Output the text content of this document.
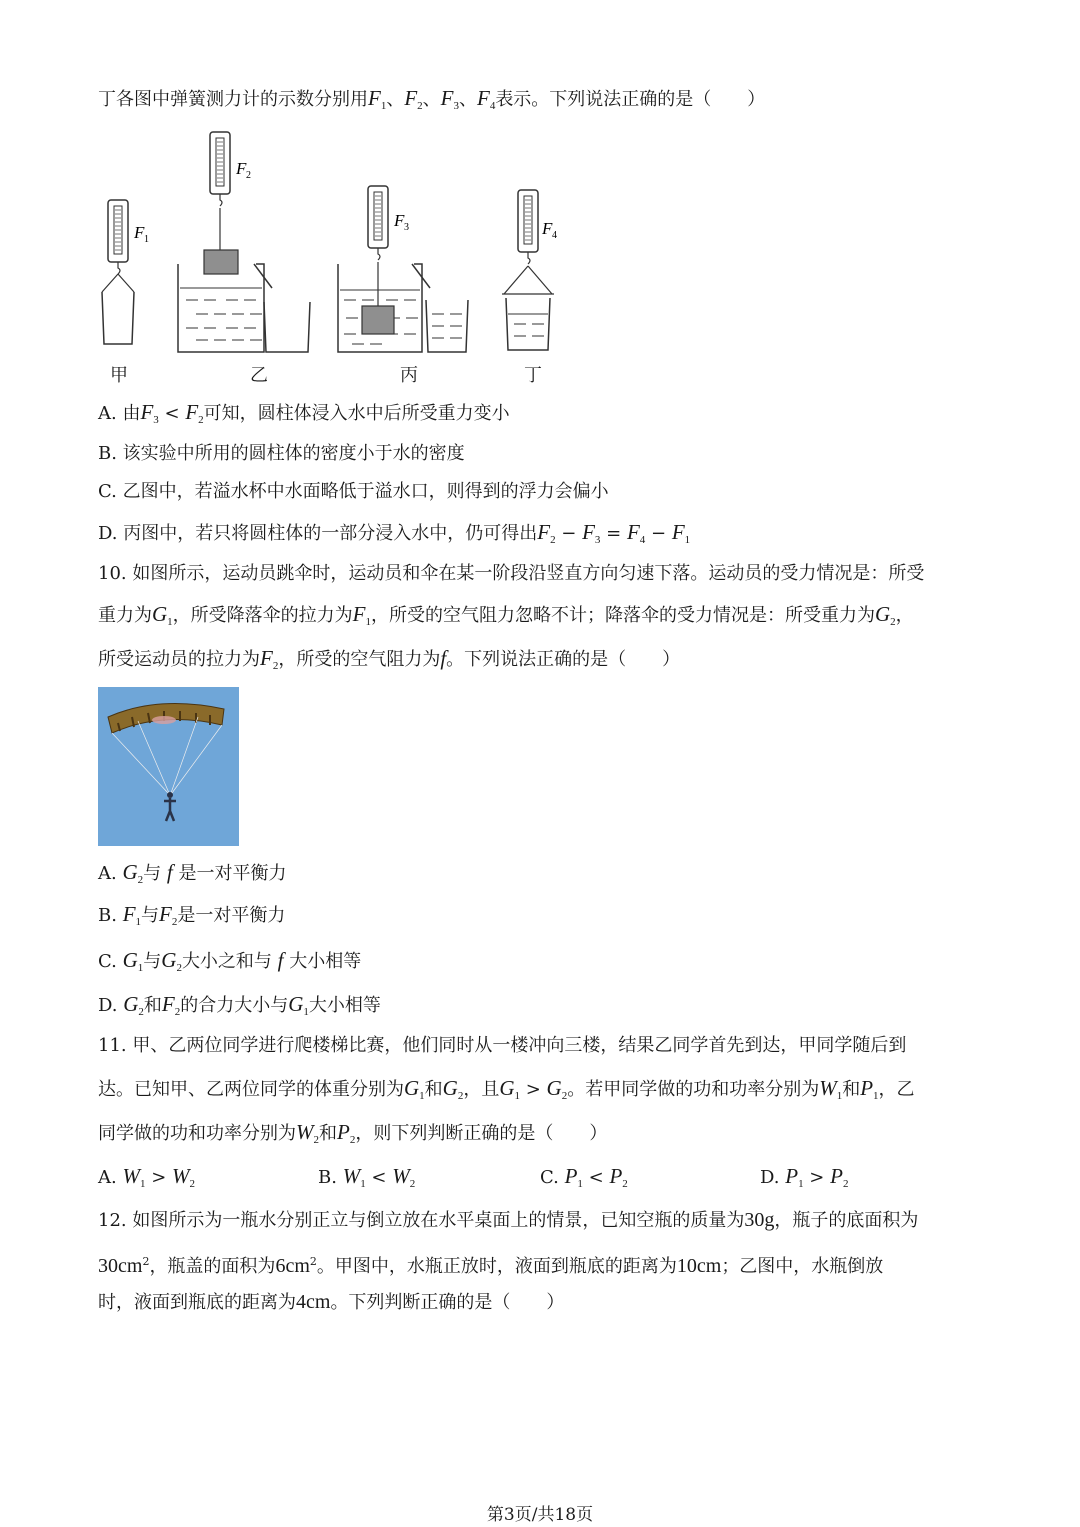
丁各图中弹簧测力计的示数分别用$F_1$、$F_2$、$F_3$、$F_4$表示。下列说法正确的是（　　）
F 1
F 2
F 3	F 4
甲	乙	丙	丁
A. 由$F_3 < F_2$可知，圆柱体浸入水中后所受重力变小
B. 该实验中所用的圆柱体的密度小于水的密度
C. 乙图中，若溢水杯中水面略低于溢水口，则得到的浮力会偏小
D. 丙图中，若只将圆柱体的一部分浸入水中，仍可得出$F_2 - F_3 = F_4 - F_1$
10. 如图所示，运动员跳伞时，运动员和伞在某一阶段沿竖直方向匀速下落。运动员的受力情况是：所受
重力为$G_1$，所受降落伞的拉力为$F_1$，所受的空气阻力忽略不计；降落伞的受力情况是：所受重力为$G_2$，
所受运动员的拉力为$F_2$，所受的空气阻力为f。下列说法正确的是（　　）
A. $G_2$与 f 是一对平衡力
B. $F_1$与$F_2$是一对平衡力
C. $G_1$与$G_2$大小之和与 f 大小相等
D. $G_2$和$F_2$的合力大小与$G_1$大小相等
11. 甲、乙两位同学进行爬楼梯比赛，他们同时从一楼冲向三楼，结果乙同学首先到达，甲同学随后到
达。已知甲、乙两位同学的体重分别为$G_1$和$G_2$，且$G_1 > G_2$。若甲同学做的功和功率分别为$W_1$和$P_1$，乙
同学做的功和功率分别为$W_2$和$P_2$，则下列判断正确的是（　　）
A. $W_1 > W_2$	B. $W_1 < W_2$	C. $P_1 < P_2$	D. $P_1 > P_2$
12. 如图所示为一瓶水分别正立与倒立放在水平桌面上的情景，已知空瓶的质量为30g，瓶子的底面积为
$30cm^2$，瓶盖的面积为$6cm^2$。甲图中，水瓶正放时，液面到瓶底的距离为10cm；乙图中，水瓶倒放
时，液面到瓶底的距离为4cm。下列判断正确的是（　　）
第3页/共18页
